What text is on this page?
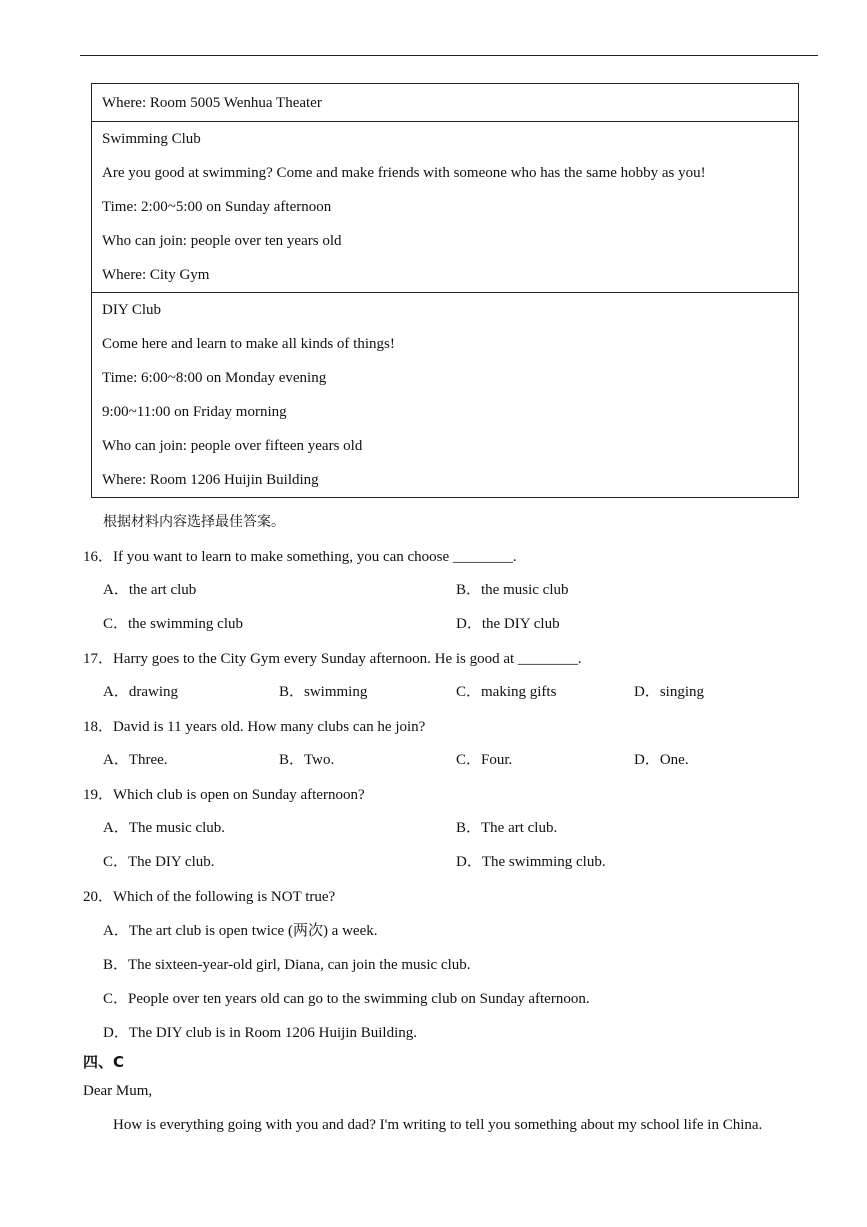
Where: Room 5005 Wenhua Theater
Swimming Club
Are you good at swimming? Come and make friends with someone who has the same hobby as you!
Time: 2:00~5:00 on Sunday afternoon
Who can join: people over ten years old
Where: City Gym
DIY Club
Come here and learn to make all kinds of things!
Time: 6:00~8:00 on Monday evening
9:00~11:00 on Friday morning
Who can join: people over fifteen years old
Where: Room 1206 Huijin Building
根据材料内容选择最佳答案。
16．If you want to learn to make something, you can choose ________.
A．the art club	B．the music club
C．the swimming club	D．the DIY club
17．Harry goes to the City Gym every Sunday afternoon. He is good at ________.
A．drawing	B．swimming	C．making gifts	D．singing
18．David is 11 years old. How many clubs can he join?
A．Three.	B．Two.	C．Four.	D．One.
19．Which club is open on Sunday afternoon?
A．The music club.	B．The art club.
C．The DIY club.	D．The swimming club.
20．Which of the following is NOT true?
A．The art club is open twice (两次) a week.
B．The sixteen-year-old girl, Diana, can join the music club.
C．People over ten years old can go to the swimming club on Sunday afternoon.
D．The DIY club is in Room 1206 Huijin Building.
四、C
Dear Mum,
How is everything going with you and dad? I'm writing to tell you something about my school life in China.
